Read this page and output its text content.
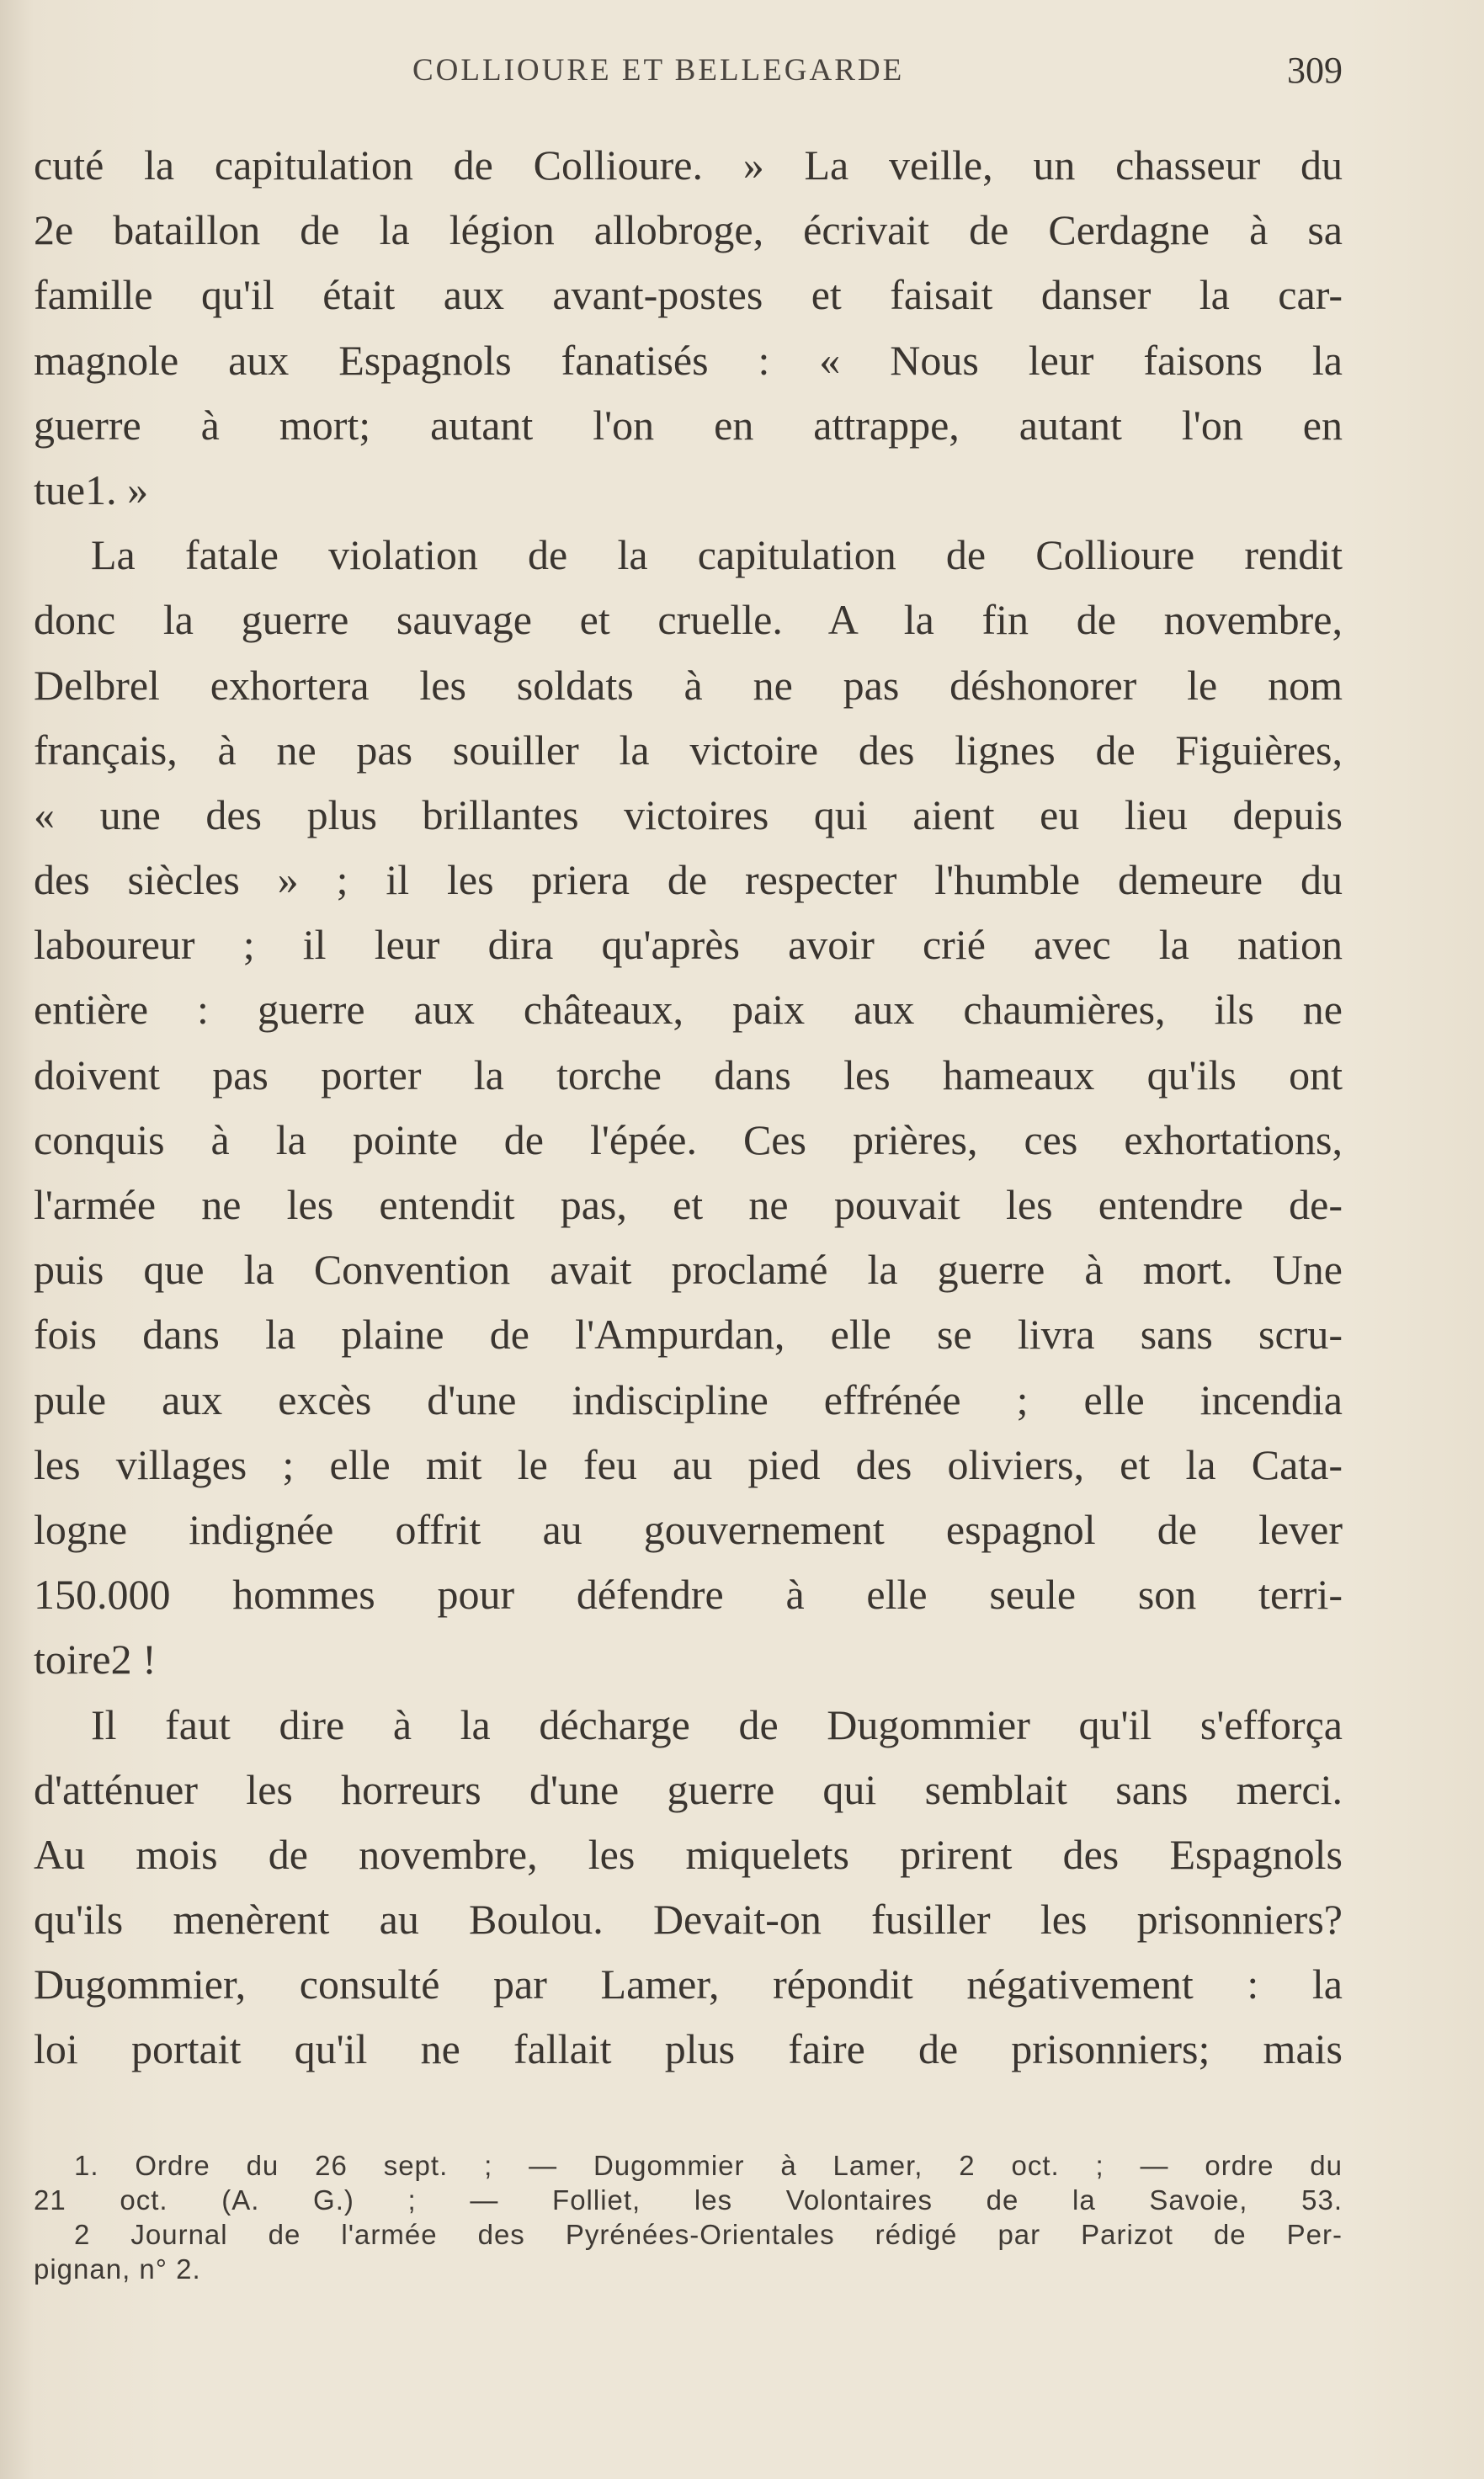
COLLIOURE ET BELLEGARDE	309
cuté la capitulation de Collioure. » La veille, un chasseur du
2e bataillon de la légion allobroge, écrivait de Cerdagne à sa
famille qu'il était aux avant-postes et faisait danser la car-
magnole aux Espagnols fanatisés : « Nous leur faisons la
guerre à mort; autant l'on en attrappe, autant l'on en
tue1. »
La fatale violation de la capitulation de Collioure rendit
donc la guerre sauvage et cruelle. A la fin de novembre,
Delbrel exhortera les soldats à ne pas déshonorer le nom
français, à ne pas souiller la victoire des lignes de Figuières,
« une des plus brillantes victoires qui aient eu lieu depuis
des siècles » ; il les priera de respecter l'humble demeure du
laboureur ; il leur dira qu'après avoir crié avec la nation
entière : guerre aux châteaux, paix aux chaumières, ils ne
doivent pas porter la torche dans les hameaux qu'ils ont
conquis à la pointe de l'épée. Ces prières, ces exhortations,
l'armée ne les entendit pas, et ne pouvait les entendre de-
puis que la Convention avait proclamé la guerre à mort. Une
fois dans la plaine de l'Ampurdan, elle se livra sans scru-
pule aux excès d'une indiscipline effrénée ; elle incendia
les villages ; elle mit le feu au pied des oliviers, et la Cata-
logne indignée offrit au gouvernement espagnol de lever
150.000 hommes pour défendre à elle seule son terri-
toire2 !
Il faut dire à la décharge de Dugommier qu'il s'efforça
d'atténuer les horreurs d'une guerre qui semblait sans merci.
Au mois de novembre, les miquelets prirent des Espagnols
qu'ils menèrent au Boulou. Devait-on fusiller les prisonniers?
Dugommier, consulté par Lamer, répondit négativement : la
loi portait qu'il ne fallait plus faire de prisonniers; mais
1. Ordre du 26 sept. ; — Dugommier à Lamer, 2 oct. ; — ordre du
21 oct. (A. G.) ; — Folliet, les Volontaires de la Savoie, 53.
2 Journal de l'armée des Pyrénées-Orientales rédigé par Parizot de Per-
pignan, n° 2.
